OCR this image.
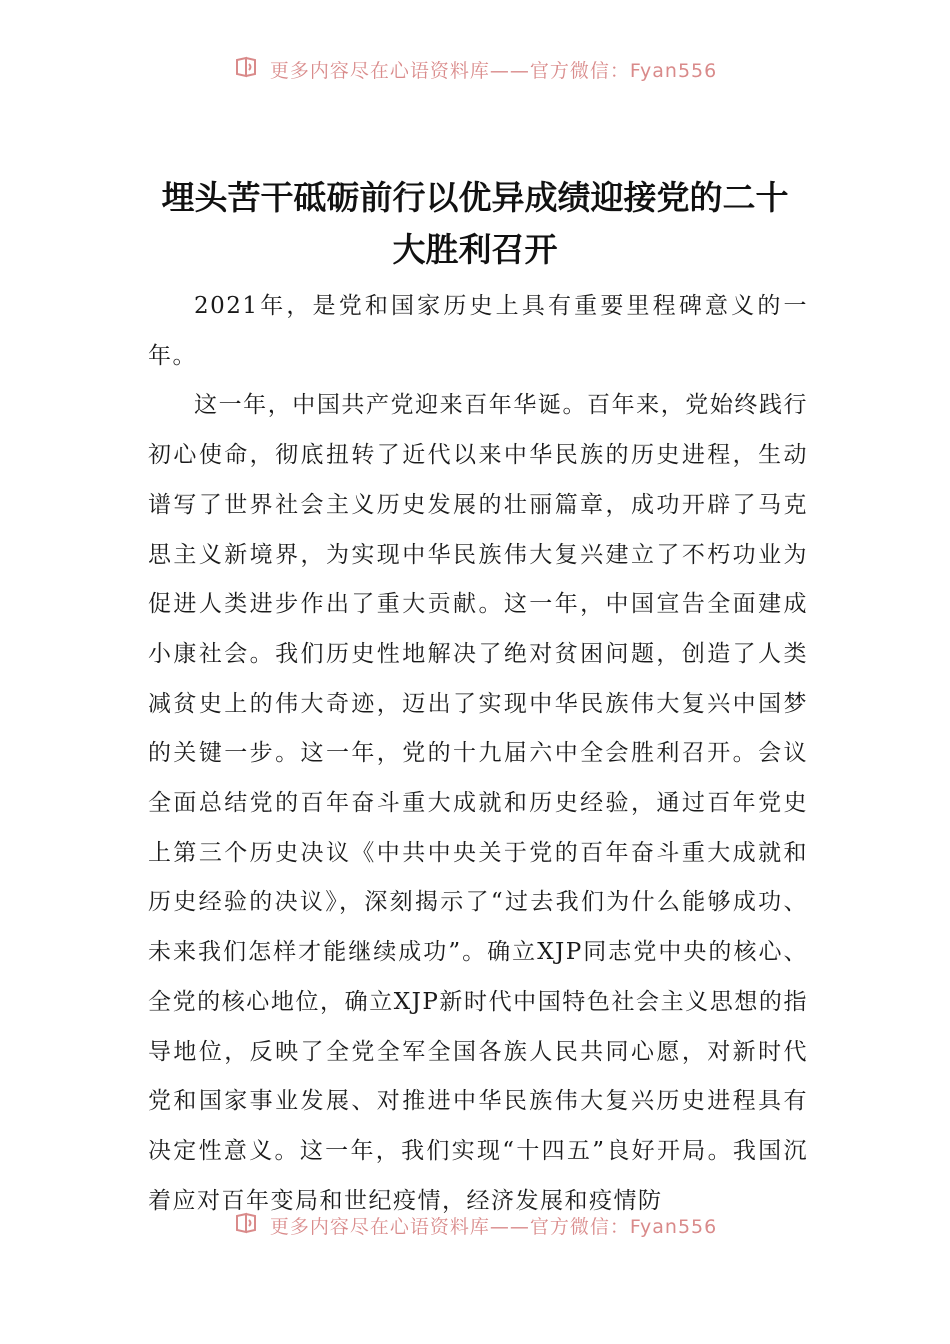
更多内容尽在心语资料库——官方微信：Fyan556
埋头苦干砥砺前行以优异成绩迎接党的二十大胜利召开

2021年，是党和国家历史上具有重要里程碑意义的一年。

这一年，中国共产党迎来百年华诞。百年来，党始终践行初心使命，彻底扭转了近代以来中华民族的历史进程，生动谱写了世界社会主义历史发展的壮丽篇章，成功开辟了马克思主义新境界，为实现中华民族伟大复兴建立了不朽功业为促进人类进步作出了重大贡献。这一年，中国宣告全面建成小康社会。我们历史性地解决了绝对贫困问题，创造了人类减贫史上的伟大奇迹，迈出了实现中华民族伟大复兴中国梦的关键一步。这一年，党的十九届六中全会胜利召开。会议全面总结党的百年奋斗重大成就和历史经验，通过百年党史上第三个历史决议《中共中央关于党的百年奋斗重大成就和历史经验的决议》，深刻揭示了“过去我们为什么能够成功、未来我们怎样才能继续成功”。确立XJP同志党中央的核心、全党的核心地位，确立XJP新时代中国特色社会主义思想的指导地位，反映了全党全军全国各族人民共同心愿，对新时代党和国家事业发展、对推进中华民族伟大复兴历史进程具有决定性意义。这一年，我们实现“十四五”良好开局。我国沉着应对百年变局和世纪疫情，经济发展和疫情防

更多内容尽在心语资料库——官方微信：Fyan556
